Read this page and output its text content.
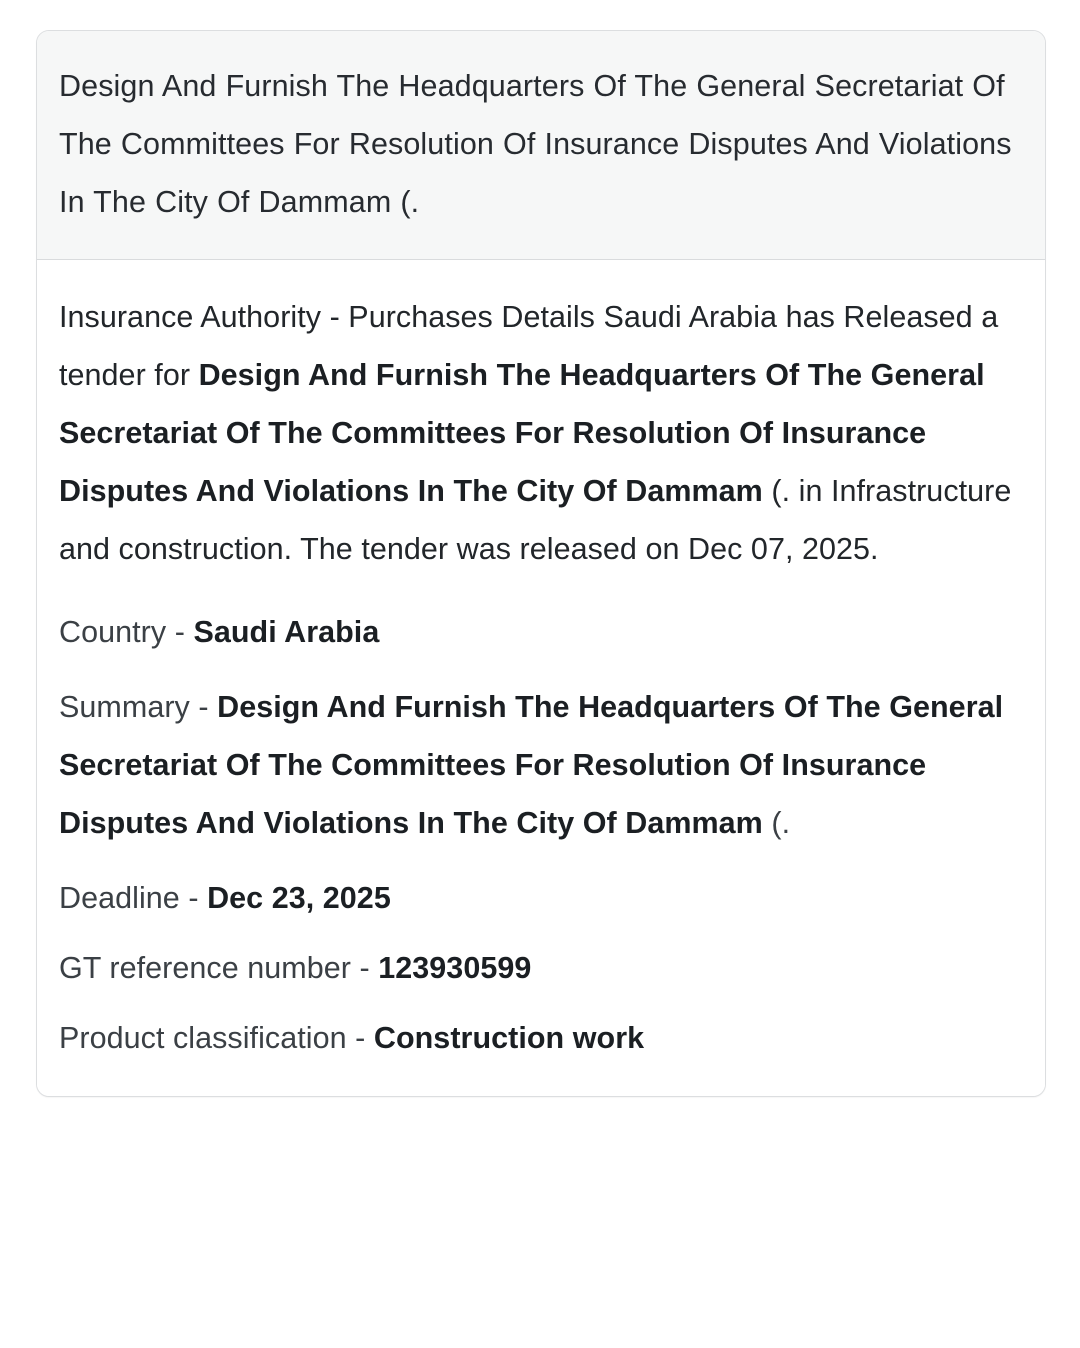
Design And Furnish The Headquarters Of The General Secretariat Of The Committees For Resolution Of Insurance Disputes And Violations In The City Of Dammam (.

Insurance Authority - Purchases Details Saudi Arabia has Released a tender for Design And Furnish The Headquarters Of The General Secretariat Of The Committees For Resolution Of Insurance Disputes And Violations In The City Of Dammam (. in Infrastructure and construction. The tender was released on Dec 07, 2025.

Country - Saudi Arabia
Summary - Design And Furnish The Headquarters Of The General Secretariat Of The Committees For Resolution Of Insurance Disputes And Violations In The City Of Dammam (.
Deadline - Dec 23, 2025
GT reference number - 123930599
Product classification - Construction work
